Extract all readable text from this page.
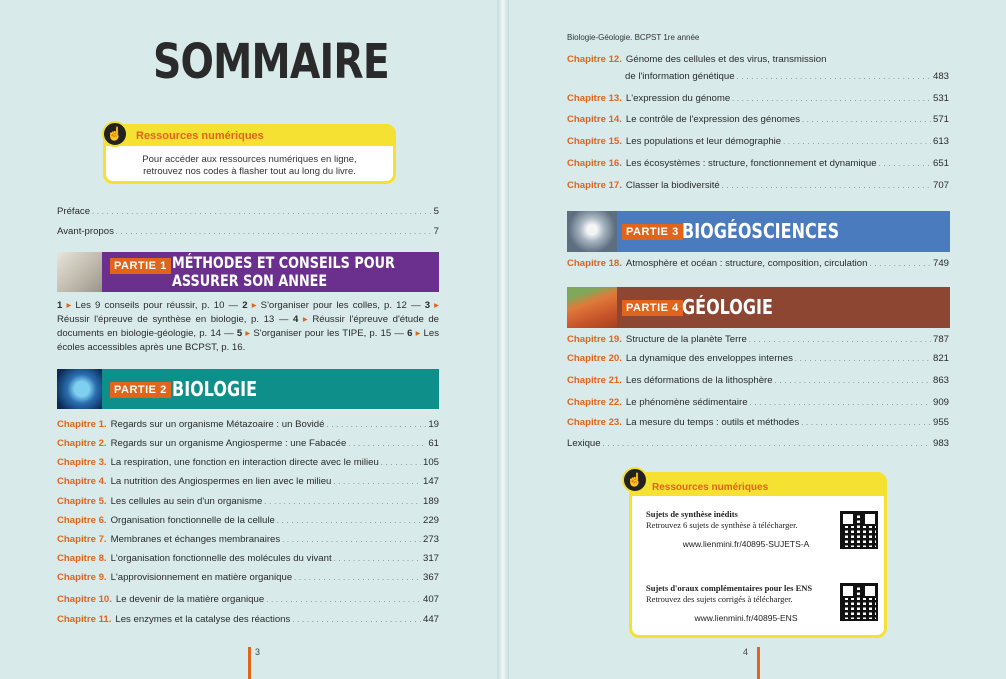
SOMMAIRE
Ressources numériques
Pour accéder aux ressources numériques en ligne,
retrouvez nos codes à flasher tout au long du livre.
☝
Préface . . .	5
Avant-propos . . .	7
PARTIE 1 MÉTHODES ET CONSEILS POUR
ASSURER SON ANNEE
1 ▸ Les 9 conseils pour réussir, p. 10 — 2 ▸ S'organiser pour les colles, p. 12 — 3 ▸ Réussir l'épreuve de synthèse en biologie, p. 13 — 4 ▸ Réussir l'épreuve d'étude de documents en biologie-géologie, p. 14 — 5 ▸ S'organiser pour les TIPE, p. 15 — 6 ▸ Les écoles accessibles après une BCPST, p. 16.
PARTIE 2 BIOLOGIE
3
Chapitre 1. Regards sur un organisme Métazoaire : un Bovidé . . .	19
Chapitre 2. Regards sur un organisme Angiosperme : une Fabacée . . .	61
Chapitre 3. La respiration, une fonction en interaction directe avec le milieu . . .	105
Chapitre 4. La nutrition des Angiospermes en lien avec le milieu . . .	147
Chapitre 5. Les cellules au sein d'un organisme . . .	189
Chapitre 6. Organisation fonctionnelle de la cellule . . .	229
Chapitre 7. Membranes et échanges membranaires . . .	273
Chapitre 8. L'organisation fonctionnelle des molécules du vivant . . .	317
Chapitre 9. L'approvisionnement en matière organique . . .	367
Chapitre 10. Le devenir de la matière organique . . .	407
Chapitre 11. Les enzymes et la catalyse des réactions . . .	447
4
Biologie-Géologie. BCPST 1re année
Chapitre 12. Génome des cellules et des virus, transmission
de l'information génétique . . .	483
Chapitre 13. L'expression du génome . . .	531
Chapitre 14. Le contrôle de l'expression des génomes . . .	571
Chapitre 15. Les populations et leur démographie . . .	613
Chapitre 16. Les écosystèmes : structure, fonctionnement et dynamique . . .	651
Chapitre 17. Classer la biodiversité . . .	707
PARTIE 3 BIOGÉOSCIENCES
Chapitre 18. Atmosphère et océan : structure, composition, circulation . . .	749
PARTIE 4 GÉOLOGIE
Chapitre 19. Structure de la planète Terre . . .	787
Chapitre 20. La dynamique des enveloppes internes . . .	821
Chapitre 21. Les déformations de la lithosphère . . .	863
Chapitre 22. Le phénomène sédimentaire . . .	909
Chapitre 23. La mesure du temps : outils et méthodes . . .	955
Lexique . . .	983
Ressources numériques
Sujets de synthèse inédits
Retrouvez 6 sujets de synthèse à télécharger.
www.lienmini.fr/40895-SUJETS-A
Sujets d'oraux complémentaires pour les ENS
Retrouvez des sujets corrigés à télécharger.
www.lienmini.fr/40895-ENS
☝
